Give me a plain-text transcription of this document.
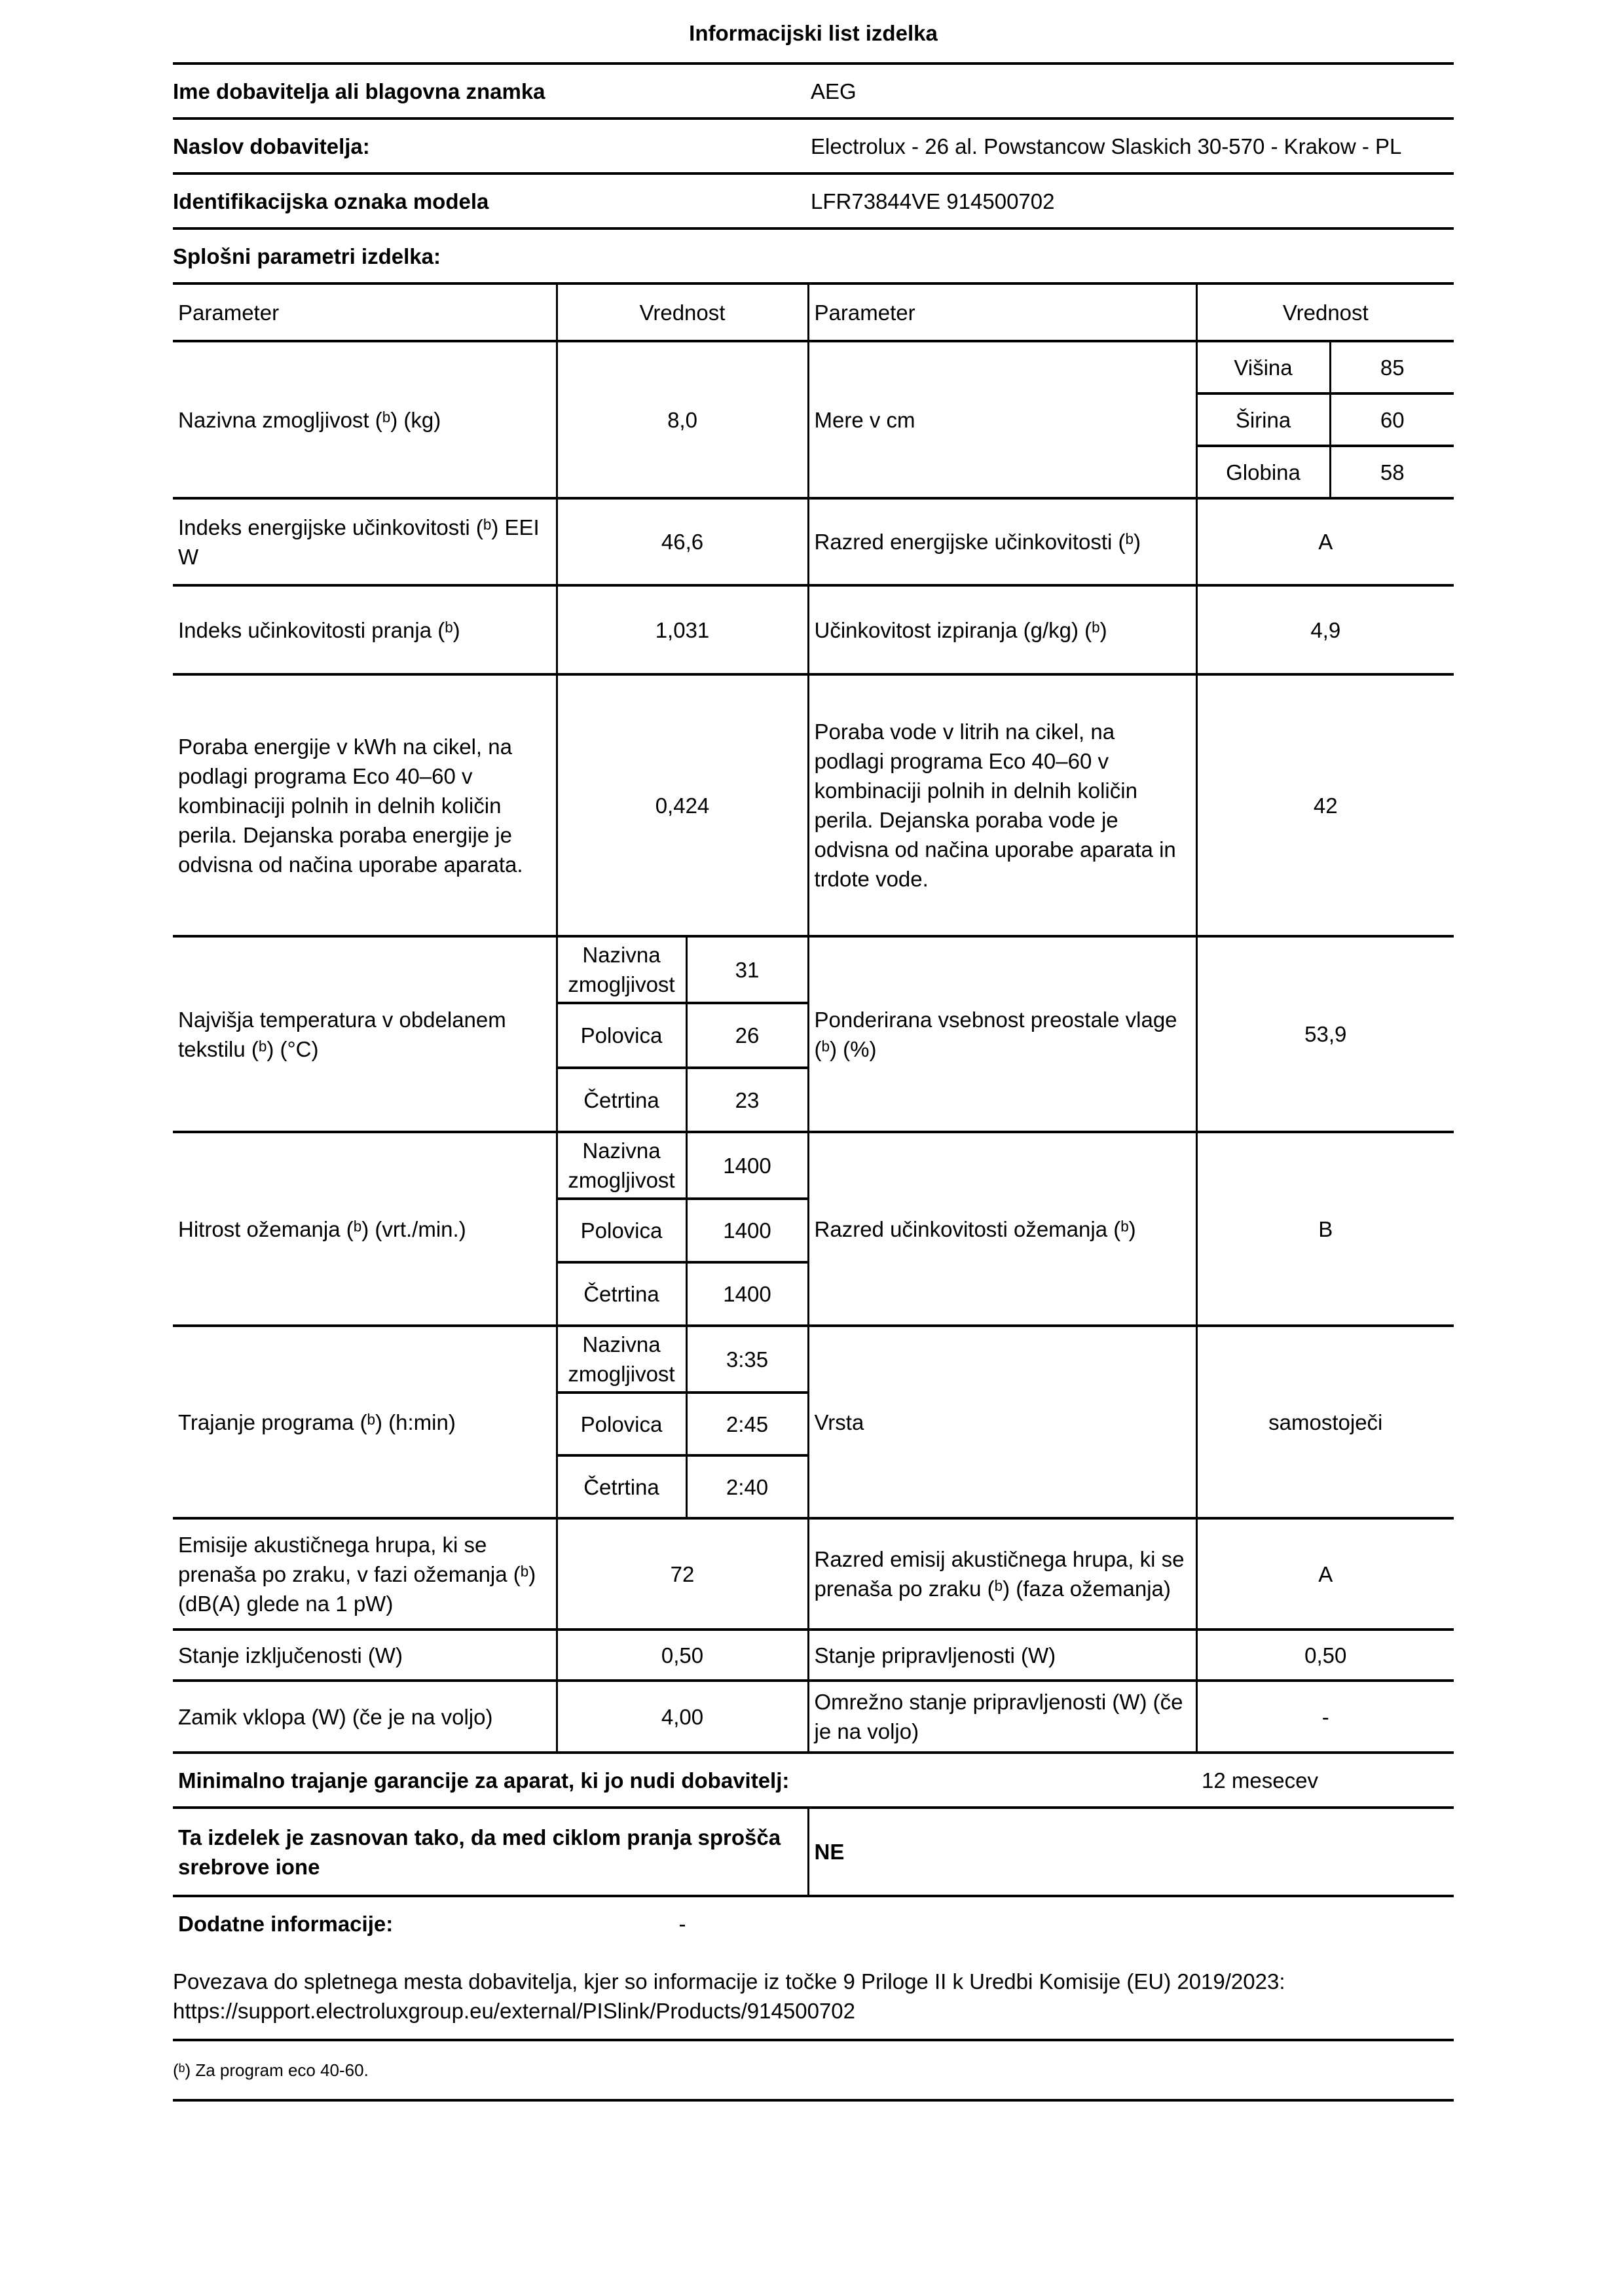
Informacijski list izdelka
Ime dobavitelja ali blagovna znamka	AEG
Naslov dobavitelja:	Electrolux - 26 al. Powstancow Slaskich 30-570 - Krakow - PL
Identifikacijska oznaka modela	LFR73844VE 914500702
Splošni parametri izdelka:
Parameter	Vrednost		Parameter	Vrednost	
Nazivna zmogljivost (ᵇ) (kg)	8,0		Mere v cm	Višina	85
				Širina	60
				Globina	58
Indeks energijske učinkovitosti (ᵇ) EEI W	46,6		Razred energijske učinkovitosti (ᵇ)	A	
Indeks učinkovitosti pranja (ᵇ)	1,031		Učinkovitost izpiranja (g/kg) (ᵇ)	4,9	
Poraba energije v kWh na cikel, na podlagi programa Eco 40–60 v kombinaciji polnih in delnih količin perila. Dejanska poraba energije je odvisna od načina uporabe aparata.	0,424		Poraba vode v litrih na cikel, na podlagi programa Eco 40–60 v kombinaciji polnih in delnih količin perila. Dejanska poraba vode je odvisna od načina uporabe aparata in trdote vode.	42	
Najvišja temperatura v obdelanem tekstilu (ᵇ) (°C)	Nazivna zmogljivost	31	Ponderirana vsebnost preostale vlage (ᵇ) (%)	53,9	
	Polovica	26			
	Četrtina	23			
Hitrost ožemanja (ᵇ) (vrt./min.)	Nazivna zmogljivost	1400	Razred učinkovitosti ožemanja (ᵇ)	B	
	Polovica	1400			
	Četrtina	1400			
Trajanje programa (ᵇ) (h:min)	Nazivna zmogljivost	3:35	Vrsta	samostoječi	
	Polovica	2:45			
	Četrtina	2:40			
Emisije akustičnega hrupa, ki se prenaša po zraku, v fazi ožemanja (ᵇ) (dB(A) glede na 1 pW)	72		Razred emisij akustičnega hrupa, ki se prenaša po zraku (ᵇ) (faza ožemanja)	A	
Stanje izključenosti (W)	0,50		Stanje pripravljenosti (W)	0,50	
Zamik vklopa (W) (če je na voljo)	4,00		Omrežno stanje pripravljenosti (W) (če je na voljo)	-	
Minimalno trajanje garancije za aparat, ki jo nudi dobavitelj:				12 mesecev	
Ta izdelek je zasnovan tako, da med ciklom pranja sprošča srebrove ione			NE		
Dodatne informacije:	-
Povezava do spletnega mesta dobavitelja, kjer so informacije iz točke 9 Priloge II k Uredbi Komisije (EU) 2019/2023:
https://support.electroluxgroup.eu/external/PISlink/Products/914500702
(ᵇ) Za program eco 40-60.
